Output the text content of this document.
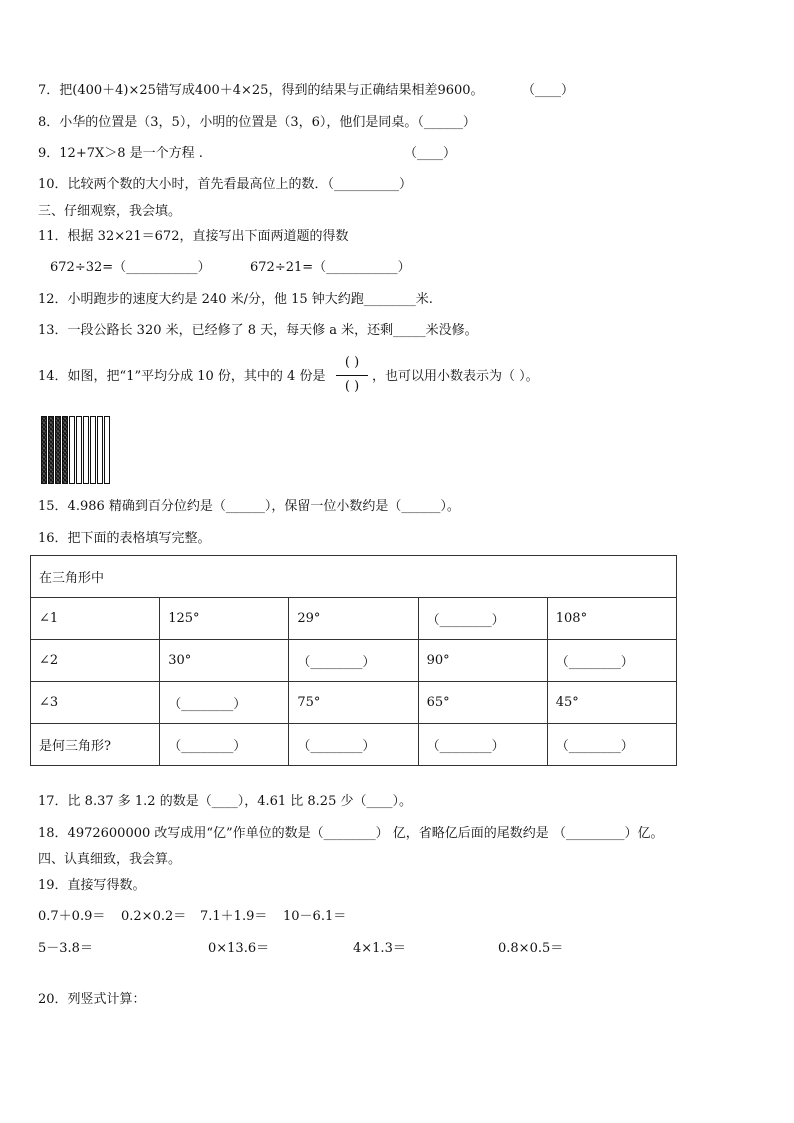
7．把(400＋4)×25错写成400＋4×25，得到的结果与正确结果相差9600。	（____）
8．小华的位置是（3，5），小明的位置是（3，6），他们是同桌。（______）
9．12+7X＞8 是一个方程 .	（____）
10．比较两个数的大小时，首先看最高位上的数．（__________）
三、仔细观察，我会填。
11．根据 32×21＝672，直接写出下面两道题的得数
672÷32=（___________）	672÷21=（___________）
12．小明跑步的速度大约是 240 米/分，他 15 钟大约跑________米.
13．一段公路长 320 米，已经修了 8 天，每天修 a 米，还剩_____米没修。
14．如图，把“1”平均分成 10 份，其中的 4 份是
( )
( )
，也可以用小数表示为（ ）。
15．4.986 精确到百分位约是（______），保留一位小数约是（______）。
16．把下面的表格填写完整。
在三角形中				
∠1	125°	29°	（________）	108°
∠2	30°	（________）	90°	（________）
∠3	（________）	75°	65°	45°
是何三角形?	（________）	（________）	（________）	（________）
17．比 8.37 多 1.2 的数是（____），4.61 比 8.25 少（____）。
18．4972600000 改写成用“亿”作单位的数是（________） 亿，省略亿后面的尾数约是 （_________）亿。
四、认真细致，我会算。
19．直接写得数。
0.7＋0.9＝ 0.2×0.2＝ 7.1＋1.9＝ 10－6.1＝
5－3.8＝	0×13.6＝	4×1.3＝	0.8×0.5＝
20．列竖式计算：
